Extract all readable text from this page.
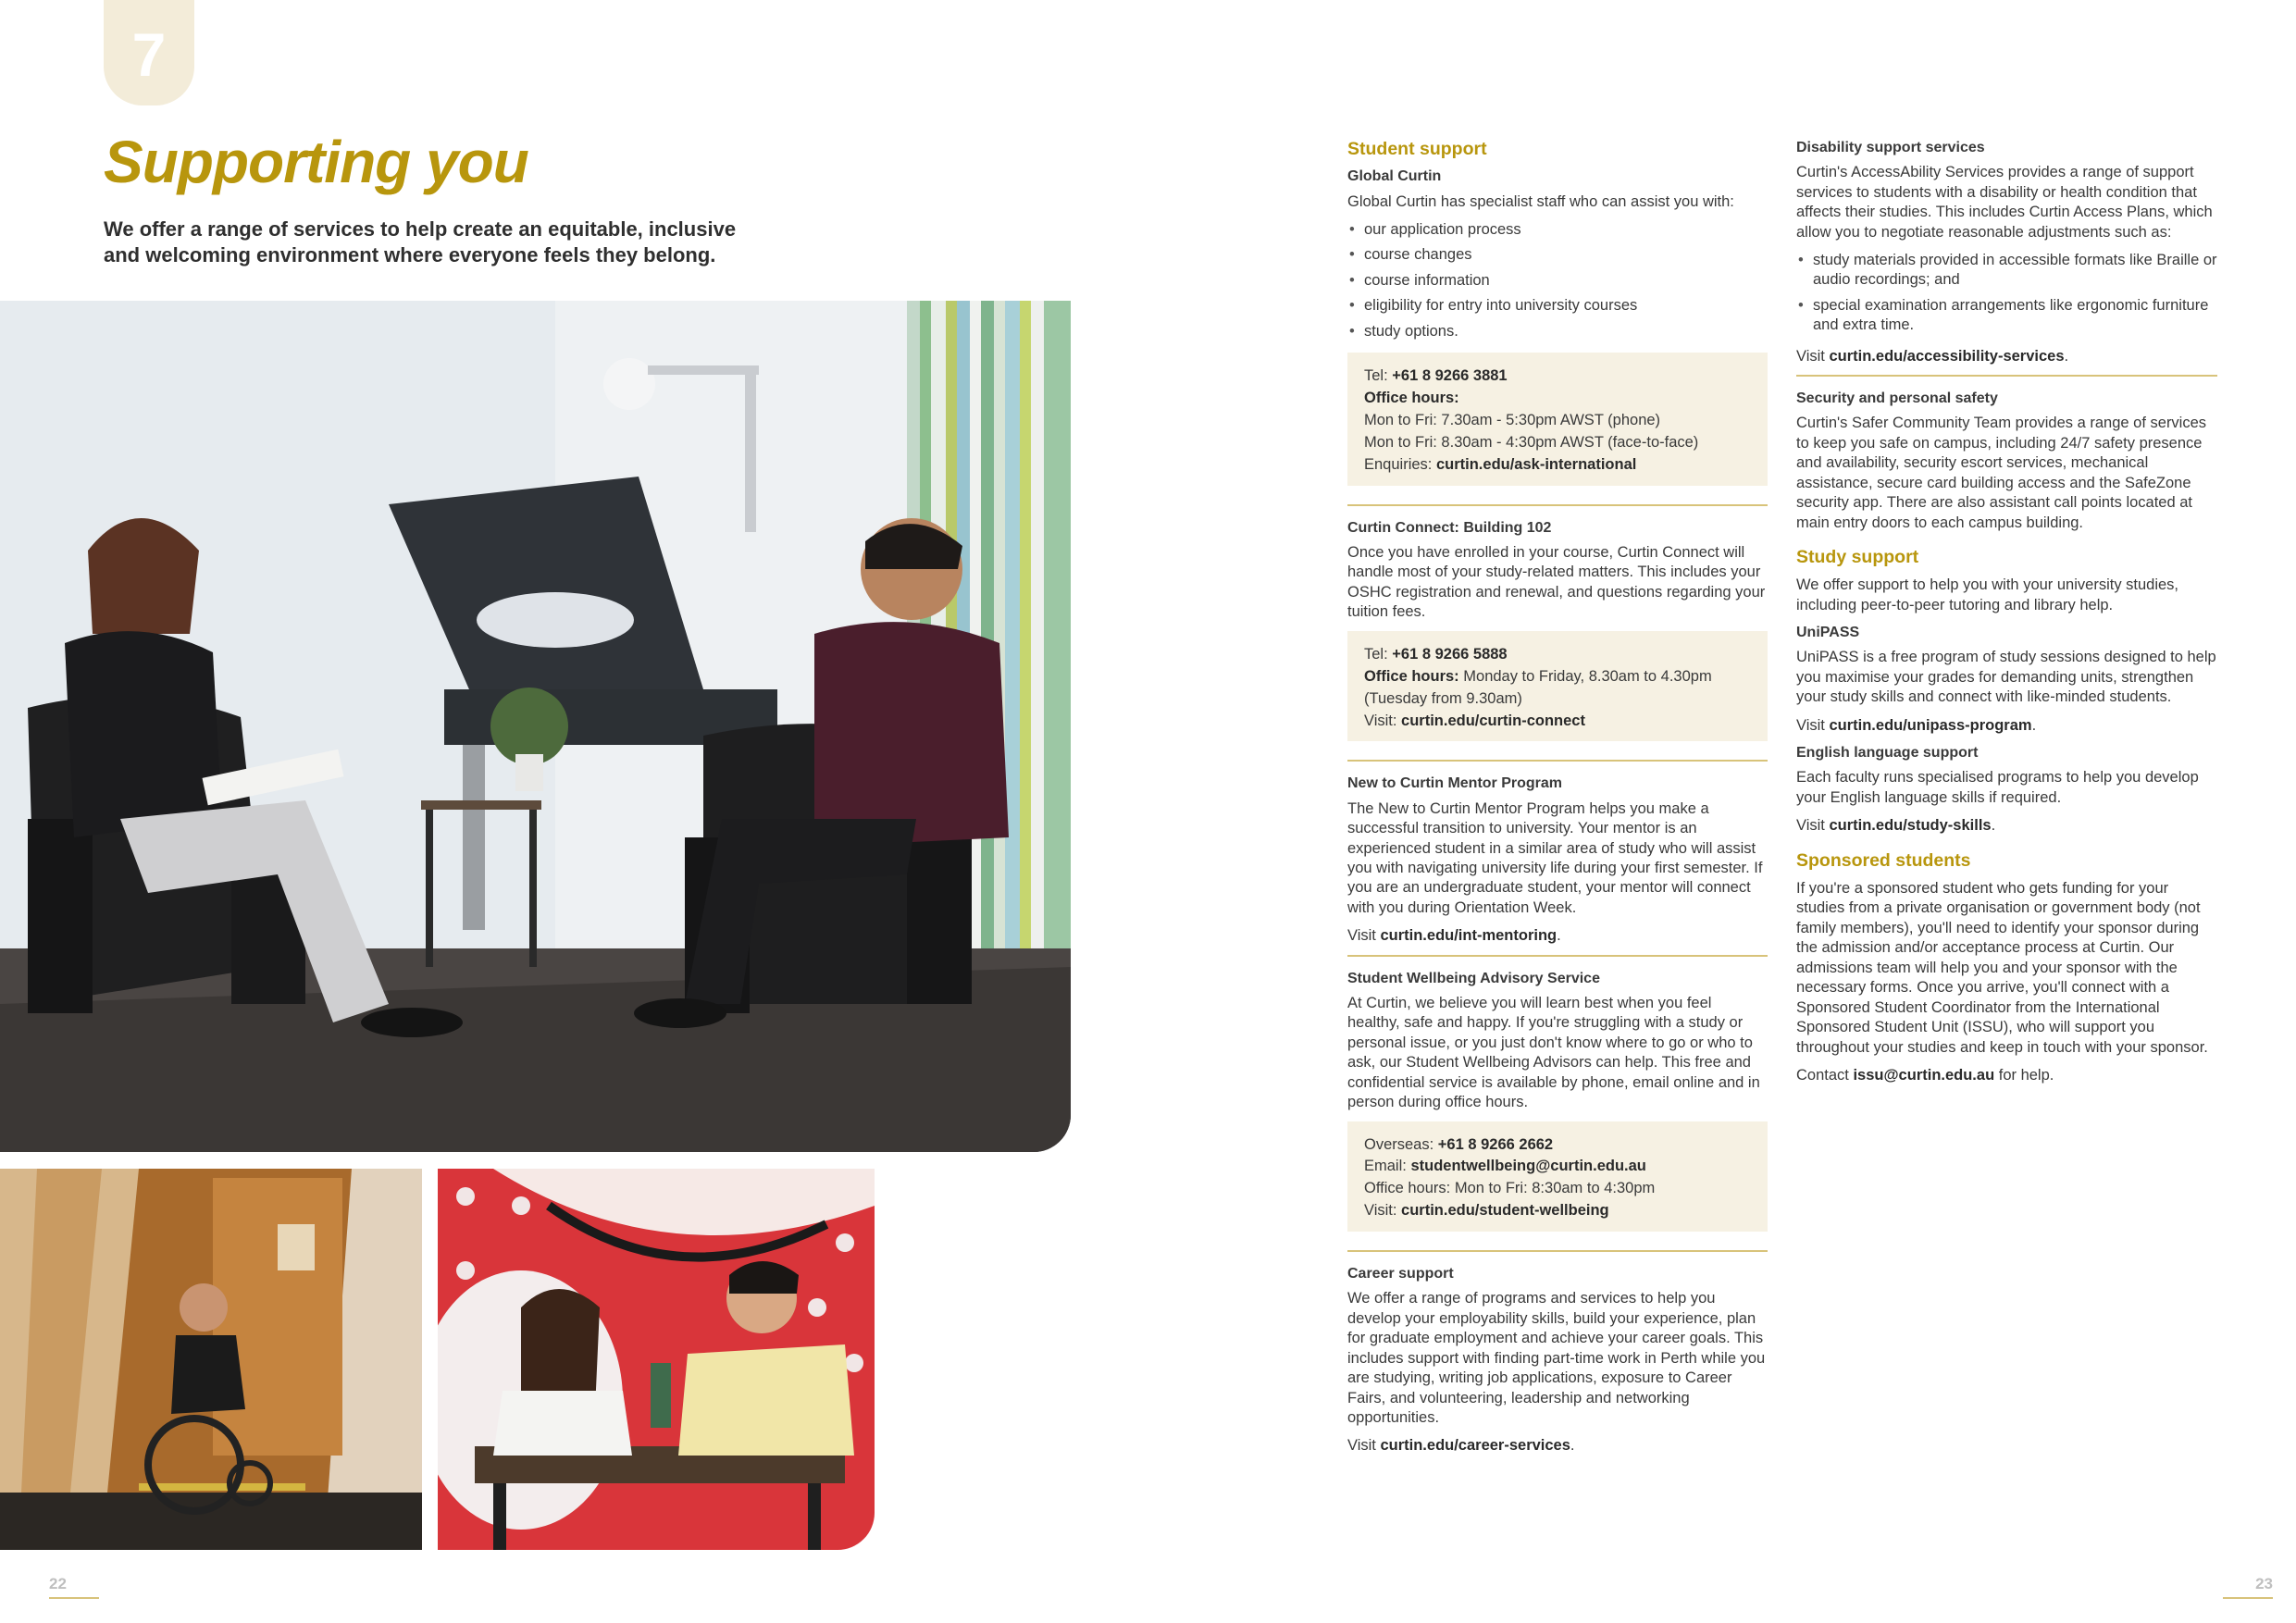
7
Supporting you

We offer a range of services to help create an equitable, inclusive and welcoming environment where everyone feels they belong.

22	23
Student support
Global Curtin

Global Curtin has specialist staff who can assist you with:

• our application process
• course changes
• course information
• eligibility for entry into university courses
• study options.
Tel: +61 8 9266 3881
Office hours:
Mon to Fri: 7.30am - 5:30pm AWST (phone)
Mon to Fri: 8.30am - 4:30pm AWST (face-to-face)
Enquiries: curtin.edu/ask-international
Curtin Connect: Building 102

Once you have enrolled in your course, Curtin Connect will handle most of your study-related matters. This includes your OSHC registration and renewal, and questions regarding your tuition fees.

Tel: +61 8 9266 5888
Office hours: Monday to Friday, 8.30am to 4.30pm (Tuesday from 9.30am)
Visit: curtin.edu/curtin-connect
New to Curtin Mentor Program

The New to Curtin Mentor Program helps you make a successful transition to university. Your mentor is an experienced student in a similar area of study who will assist you with navigating university life during your first semester. If you are an undergraduate student, your mentor will connect with you during Orientation Week.

Visit curtin.edu/int-mentoring.

Student Wellbeing Advisory Service

At Curtin, we believe you will learn best when you feel healthy, safe and happy. If you're struggling with a study or personal issue, or you just don't know where to go or who to ask, our Student Wellbeing Advisors can help. This free and confidential service is available by phone, email online and in person during office hours.

Overseas: +61 8 9266 2662
Email: studentwellbeing@curtin.edu.au
Office hours: Mon to Fri: 8:30am to 4:30pm
Visit: curtin.edu/student-wellbeing
Career support

We offer a range of programs and services to help you develop your employability skills, build your experience, plan for graduate employment and achieve your career goals. This includes support with finding part-time work in Perth while you are studying, writing job applications, exposure to Career Fairs, and volunteering, leadership and networking opportunities.

Visit curtin.edu/career-services.

Disability support services

Curtin's AccessAbility Services provides a range of support services to students with a disability or health condition that affects their studies. This includes Curtin Access Plans, which allow you to negotiate reasonable adjustments such as:

• study materials provided in accessible formats like Braille or audio recordings; and
• special examination arrangements like ergonomic furniture and extra time.

Visit curtin.edu/accessibility-services.

Security and personal safety

Curtin's Safer Community Team provides a range of services to keep you safe on campus, including 24/7 safety presence and availability, security escort services, mechanical assistance, secure card building access and the SafeZone security app. There are also assistant call points located at main entry doors to each campus building.

Study support

We offer support to help you with your university studies, including peer-to-peer tutoring and library help.

UniPASS

UniPASS is a free program of study sessions designed to help you maximise your grades for demanding units, strengthen your study skills and connect with like-minded students.

Visit curtin.edu/unipass-program.

English language support

Each faculty runs specialised programs to help you develop your English language skills if required.

Visit curtin.edu/study-skills.

Sponsored students

If you're a sponsored student who gets funding for your studies from a private organisation or government body (not family members), you'll need to identify your sponsor during the admission and/or acceptance process at Curtin. Our admissions team will help you and your sponsor with the necessary forms. Once you arrive, you'll connect with a Sponsored Student Coordinator from the International Sponsored Student Unit (ISSU), who will support you throughout your studies and keep in touch with your sponsor.

Contact issu@curtin.edu.au for help.
